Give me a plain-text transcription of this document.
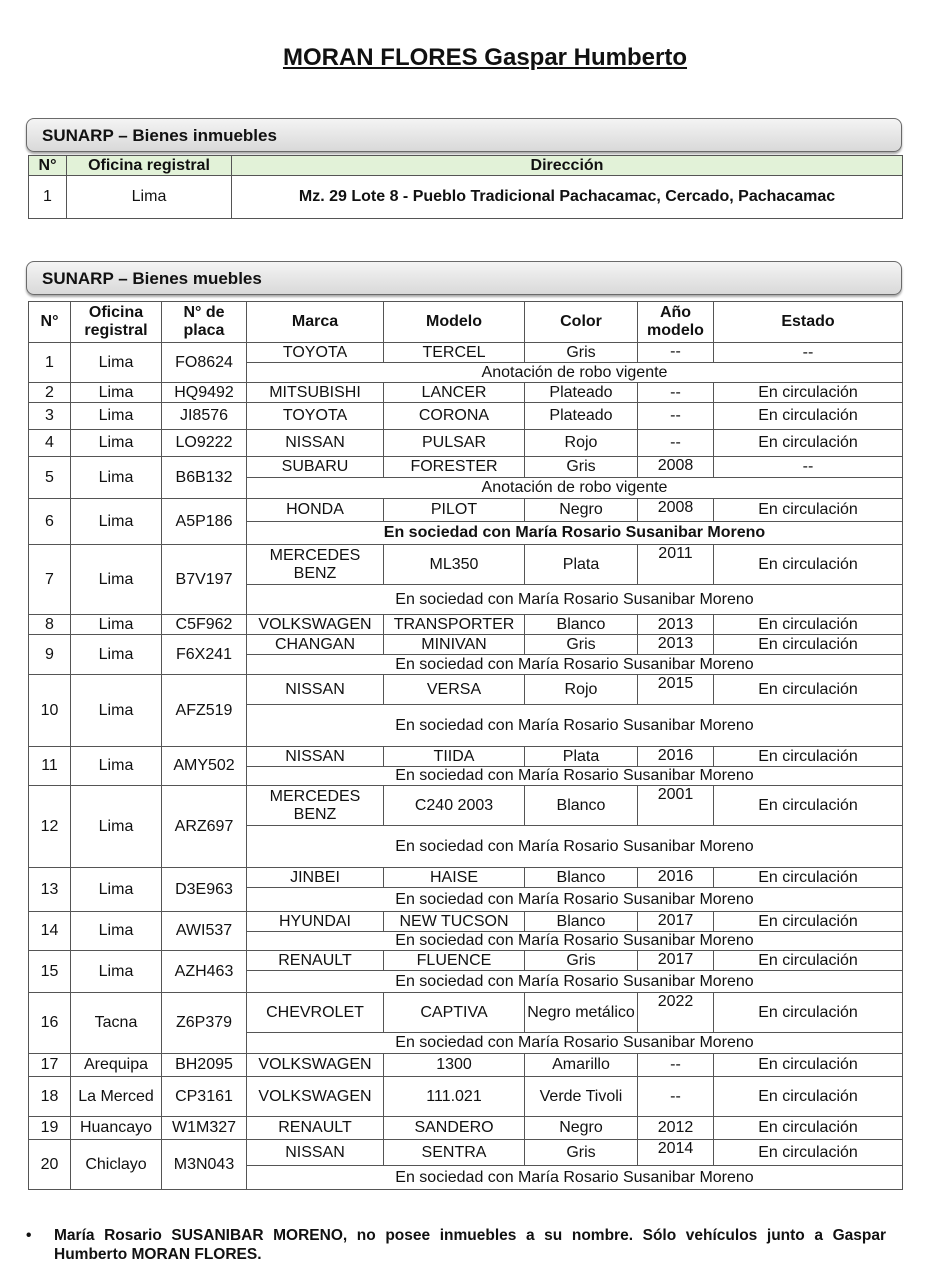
MORAN FLORES Gaspar Humberto
SUNARP – Bienes inmuebles
N°	Oficina registral	Dirección
1	Lima	Mz. 29 Lote 8 - Pueblo Tradicional Pachacamac, Cercado, Pachacamac
SUNARP – Bienes muebles
N°	Oficina registral	N° de placa	Marca	Modelo	Color	Año modelo	Estado
1	Lima	FO8624	TOYOTA	TERCEL	Gris	--	--
			Anotación de robo vigente				
2	Lima	HQ9492	MITSUBISHI	LANCER	Plateado	--	En circulación
3	Lima	JI8576	TOYOTA	CORONA	Plateado	--	En circulación
4	Lima	LO9222	NISSAN	PULSAR	Rojo	--	En circulación
5	Lima	B6B132	SUBARU	FORESTER	Gris	2008	--
			Anotación de robo vigente				
6	Lima	A5P186	HONDA	PILOT	Negro	2008	En circulación
			En sociedad con María Rosario Susanibar Moreno				
7	Lima	B7V197	MERCEDES BENZ	ML350	Plata	2011	En circulación
			En sociedad con María Rosario Susanibar Moreno				
8	Lima	C5F962	VOLKSWAGEN	TRANSPORTER	Blanco	2013	En circulación
9	Lima	F6X241	CHANGAN	MINIVAN	Gris	2013	En circulación
			En sociedad con María Rosario Susanibar Moreno				
10	Lima	AFZ519	NISSAN	VERSA	Rojo	2015	En circulación
			En sociedad con María Rosario Susanibar Moreno				
11	Lima	AMY502	NISSAN	TIIDA	Plata	2016	En circulación
			En sociedad con María Rosario Susanibar Moreno				
12	Lima	ARZ697	MERCEDES BENZ	C240 2003	Blanco	2001	En circulación
			En sociedad con María Rosario Susanibar Moreno				
13	Lima	D3E963	JINBEI	HAISE	Blanco	2016	En circulación
			En sociedad con María Rosario Susanibar Moreno				
14	Lima	AWI537	HYUNDAI	NEW TUCSON	Blanco	2017	En circulación
			En sociedad con María Rosario Susanibar Moreno				
15	Lima	AZH463	RENAULT	FLUENCE	Gris	2017	En circulación
			En sociedad con María Rosario Susanibar Moreno				
16	Tacna	Z6P379	CHEVROLET	CAPTIVA	Negro metálico	2022	En circulación
			En sociedad con María Rosario Susanibar Moreno				
17	Arequipa	BH2095	VOLKSWAGEN	1300	Amarillo	--	En circulación
18	La Merced	CP3161	VOLKSWAGEN	111.021	Verde Tivoli	--	En circulación
19	Huancayo	W1M327	RENAULT	SANDERO	Negro	2012	En circulación
20	Chiclayo	M3N043	NISSAN	SENTRA	Gris	2014	En circulación
			En sociedad con María Rosario Susanibar Moreno				
• María Rosario SUSANIBAR MORENO, no posee inmuebles a su nombre. Sólo vehículos junto a Gaspar Humberto MORAN FLORES.
